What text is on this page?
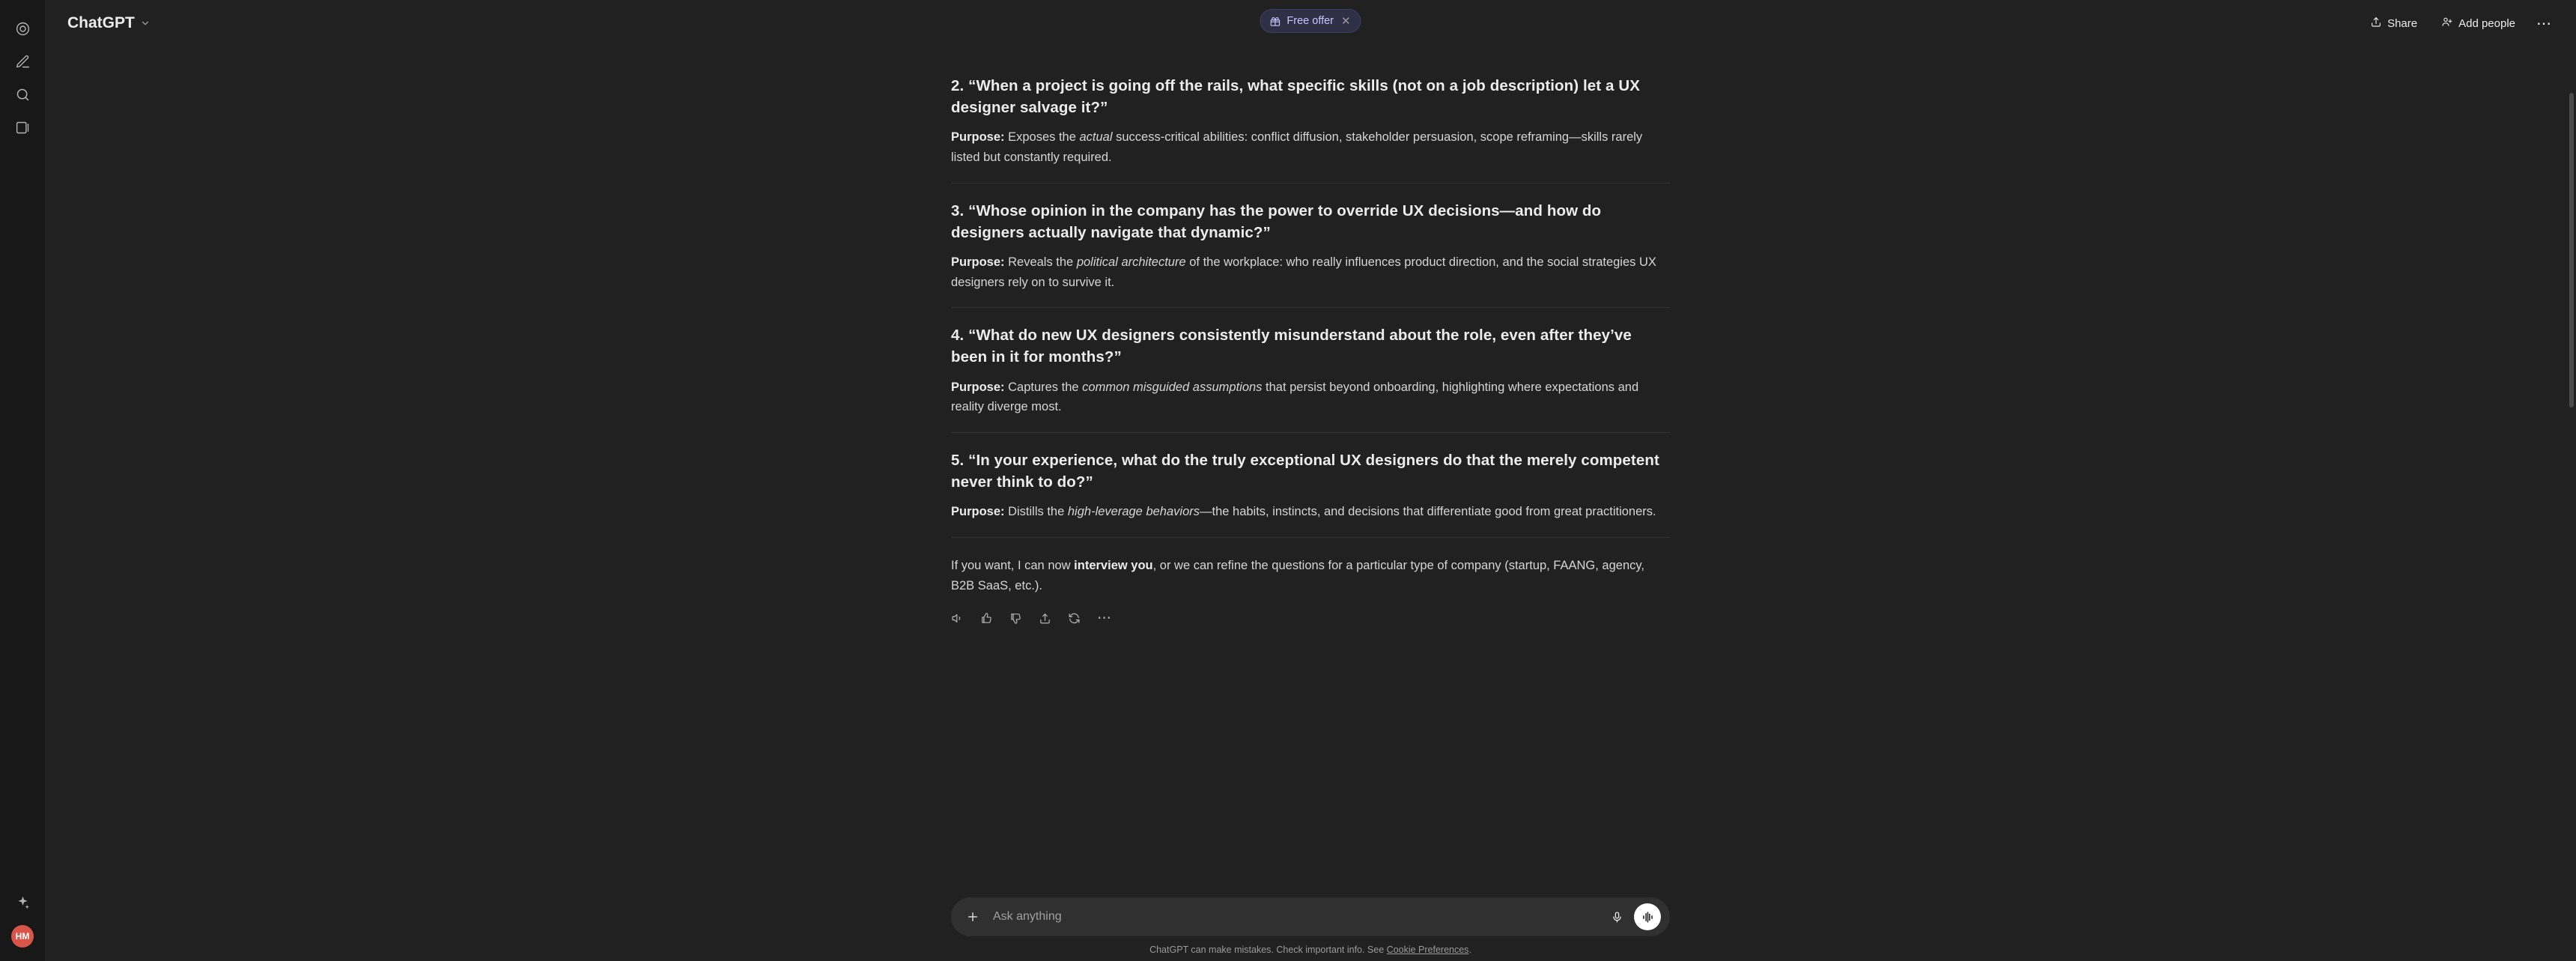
HM
ChatGPT	Free offer ✕	Share	Add people	⋯
2. “When a project is going off the rails, what specific skills (not on a job description) let a UX designer salvage it?”
Purpose: Exposes the actual success-critical abilities: conflict diffusion, stakeholder persuasion, scope reframing—skills rarely listed but constantly required.
3. “Whose opinion in the company has the power to override UX decisions—and how do designers actually navigate that dynamic?”
Purpose: Reveals the political architecture of the workplace: who really influences product direction, and the social strategies UX designers rely on to survive it.
4. “What do new UX designers consistently misunderstand about the role, even after they’ve been in it for months?”
Purpose: Captures the common misguided assumptions that persist beyond onboarding, highlighting where expectations and reality diverge most.
5. “In your experience, what do the truly exceptional UX designers do that the merely competent never think to do?”
Purpose: Distills the high-leverage behaviors—the habits, instincts, and decisions that differentiate good from great practitioners.
If you want, I can now interview you, or we can refine the questions for a particular type of company (startup, FAANG, agency, B2B SaaS, etc.).
⋯
Ask anything
ChatGPT can make mistakes. Check important info. See Cookie Preferences.
